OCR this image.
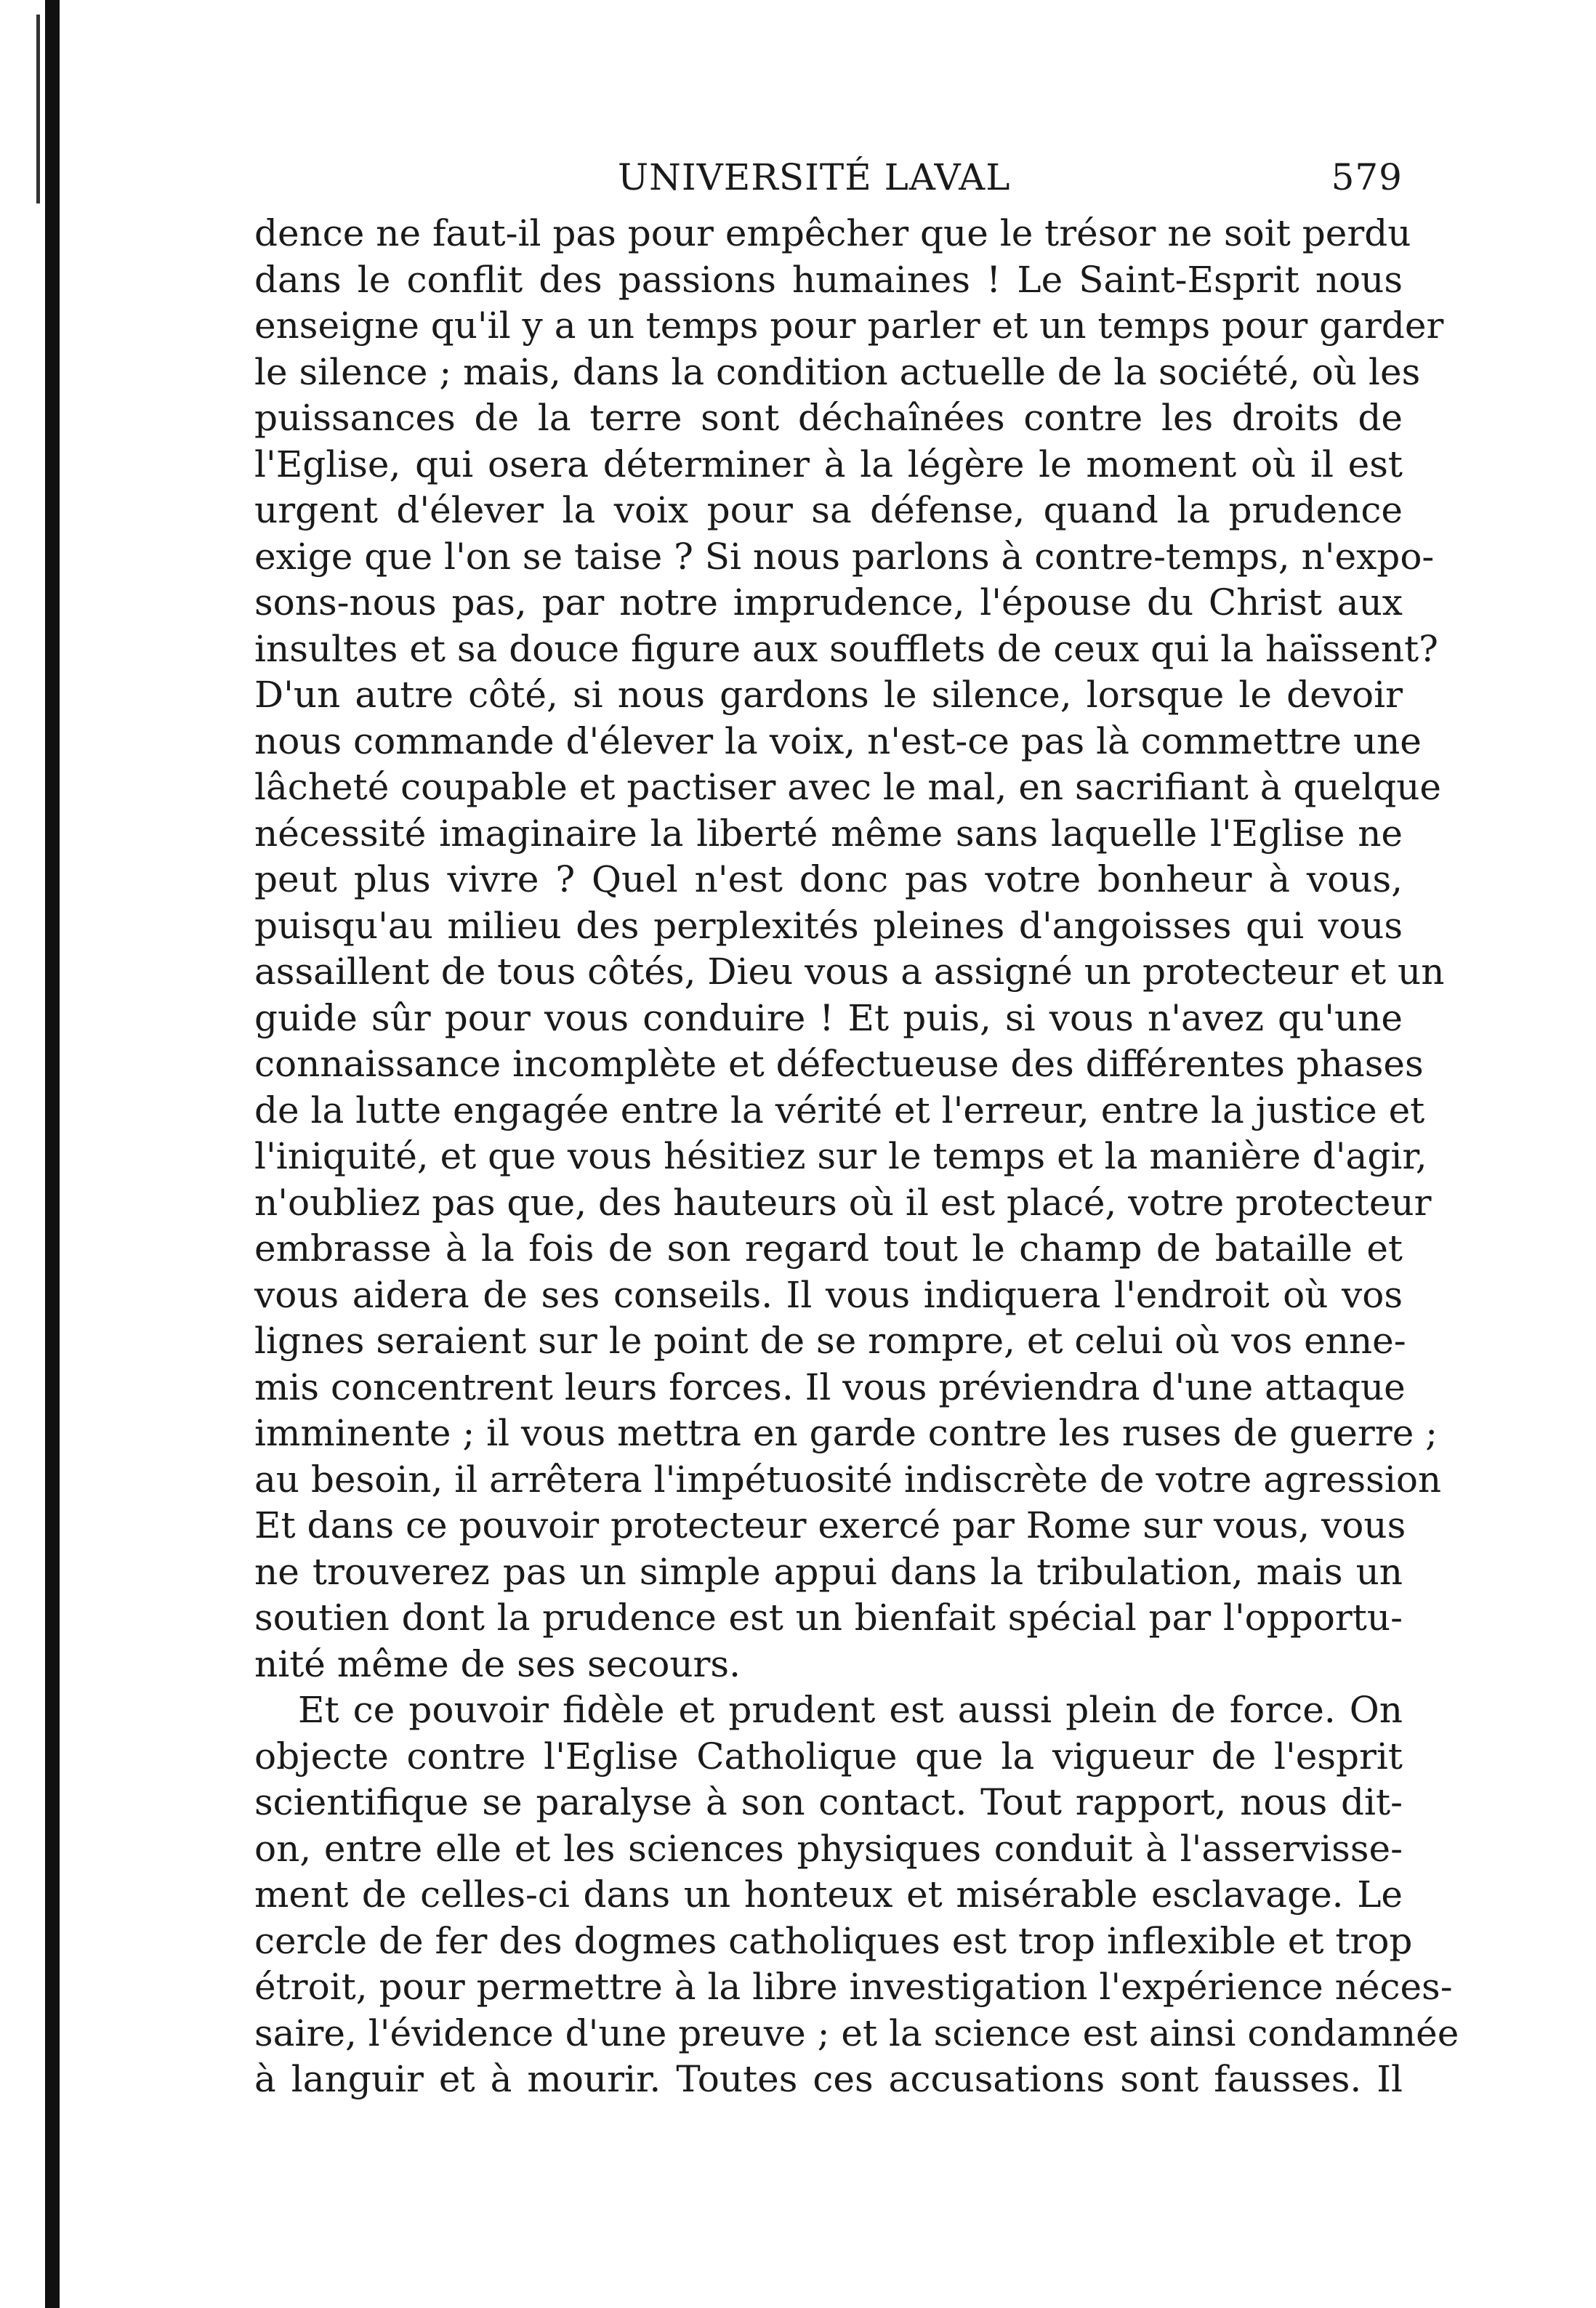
UNIVERSITÉ LAVAL	579
dence ne faut-il pas pour empêcher que le trésor ne soit perdu
dans le conflit des passions humaines ! Le Saint-Esprit nous
enseigne qu'il y a un temps pour parler et un temps pour garder
le silence ; mais, dans la condition actuelle de la société, où les
puissances de la terre sont déchaînées contre les droits de
l'Eglise, qui osera déterminer à la légère le moment où il est
urgent d'élever la voix pour sa défense, quand la prudence
exige que l'on se taise ? Si nous parlons à contre-temps, n'expo-
sons-nous pas, par notre imprudence, l'épouse du Christ aux
insultes et sa douce figure aux soufflets de ceux qui la haïssent?
D'un autre côté, si nous gardons le silence, lorsque le devoir
nous commande d'élever la voix, n'est-ce pas là commettre une
lâcheté coupable et pactiser avec le mal, en sacrifiant à quelque
nécessité imaginaire la liberté même sans laquelle l'Eglise ne
peut plus vivre ? Quel n'est donc pas votre bonheur à vous,
puisqu'au milieu des perplexités pleines d'angoisses qui vous
assaillent de tous côtés, Dieu vous a assigné un protecteur et un
guide sûr pour vous conduire ! Et puis, si vous n'avez qu'une
connaissance incomplète et défectueuse des différentes phases
de la lutte engagée entre la vérité et l'erreur, entre la justice et
l'iniquité, et que vous hésitiez sur le temps et la manière d'agir,
n'oubliez pas que, des hauteurs où il est placé, votre protecteur
embrasse à la fois de son regard tout le champ de bataille et
vous aidera de ses conseils. Il vous indiquera l'endroit où vos
lignes seraient sur le point de se rompre, et celui où vos enne-
mis concentrent leurs forces. Il vous préviendra d'une attaque
imminente ; il vous mettra en garde contre les ruses de guerre ;
au besoin, il arrêtera l'impétuosité indiscrète de votre agression
Et dans ce pouvoir protecteur exercé par Rome sur vous, vous
ne trouverez pas un simple appui dans la tribulation, mais un
soutien dont la prudence est un bienfait spécial par l'opportu-
nité même de ses secours.
Et ce pouvoir fidèle et prudent est aussi plein de force. On
objecte contre l'Eglise Catholique que la vigueur de l'esprit
scientifique se paralyse à son contact. Tout rapport, nous dit-
on, entre elle et les sciences physiques conduit à l'asservisse-
ment de celles-ci dans un honteux et misérable esclavage. Le
cercle de fer des dogmes catholiques est trop inflexible et trop
étroit, pour permettre à la libre investigation l'expérience néces-
saire, l'évidence d'une preuve ; et la science est ainsi condamnée
à languir et à mourir. Toutes ces accusations sont fausses. Il
